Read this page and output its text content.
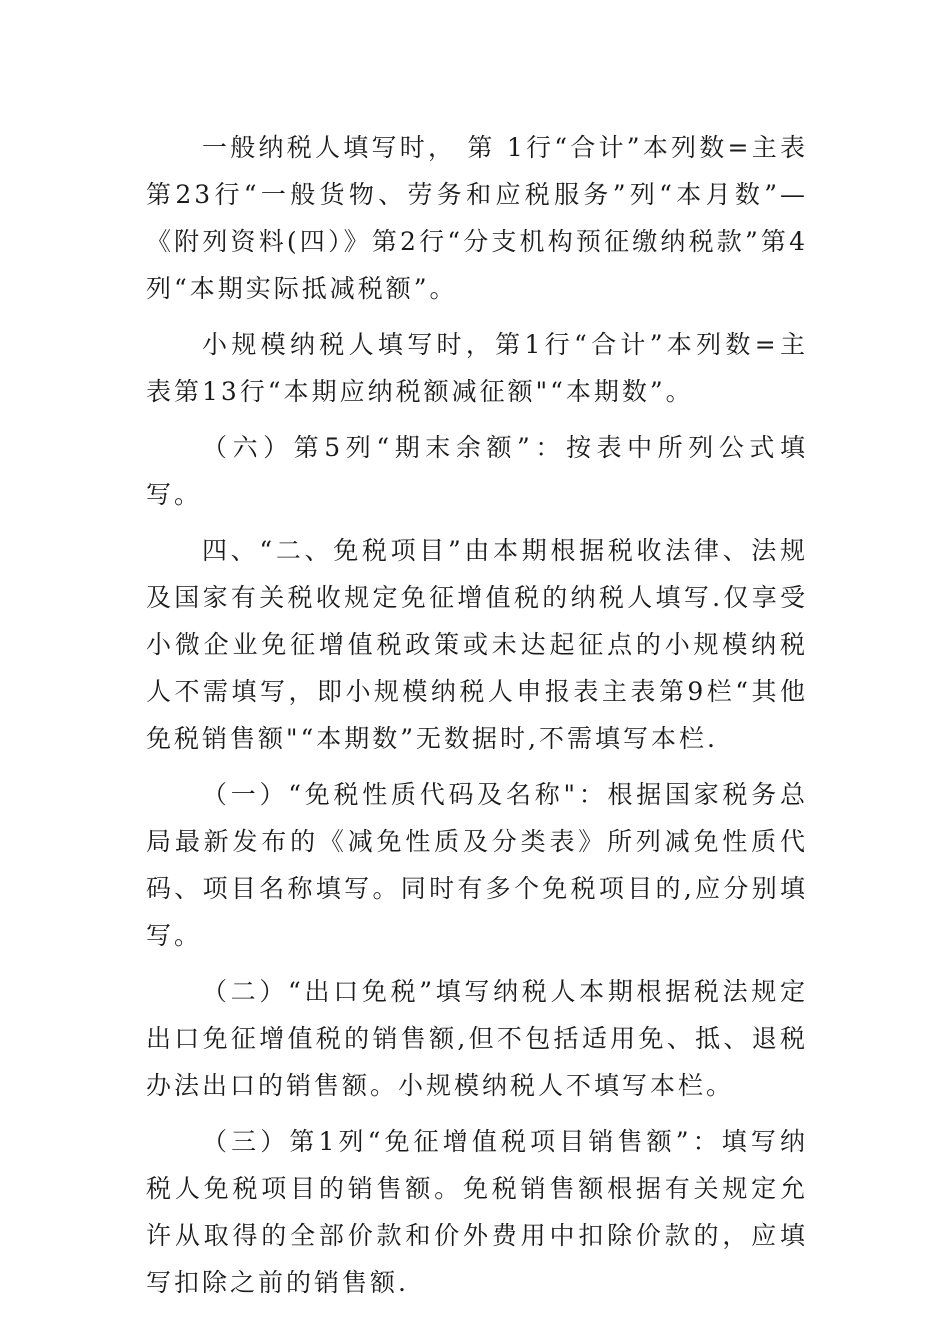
一般纳税人填写时， 第 1行“合计”本列数=主表第23行“一般货物、劳务和应税服务”列“本月数”—《附列资料(四）》第2行“分支机构预征缴纳税款”第4列“本期实际抵减税额”。

小规模纳税人填写时，第1行“合计”本列数=主表第13行“本期应纳税额减征额"“本期数”。

（六）第5列“期末余额”：按表中所列公式填写。

四、“二、免税项目”由本期根据税收法律、法规及国家有关税收规定免征增值税的纳税人填写.仅享受小微企业免征增值税政策或未达起征点的小规模纳税人不需填写，即小规模纳税人申报表主表第9栏“其他免税销售额"“本期数”无数据时,不需填写本栏.

（一）“免税性质代码及名称"：根据国家税务总局最新发布的《减免性质及分类表》所列减免性质代码、项目名称填写。同时有多个免税项目的,应分别填写。

（二）“出口免税”填写纳税人本期根据税法规定出口免征增值税的销售额,但不包括适用免、抵、退税办法出口的销售额。小规模纳税人不填写本栏。

（三）第1列“免征增值税项目销售额”：填写纳税人免税项目的销售额。免税销售额根据有关规定允许从取得的全部价款和价外费用中扣除价款的，应填写扣除之前的销售额.
